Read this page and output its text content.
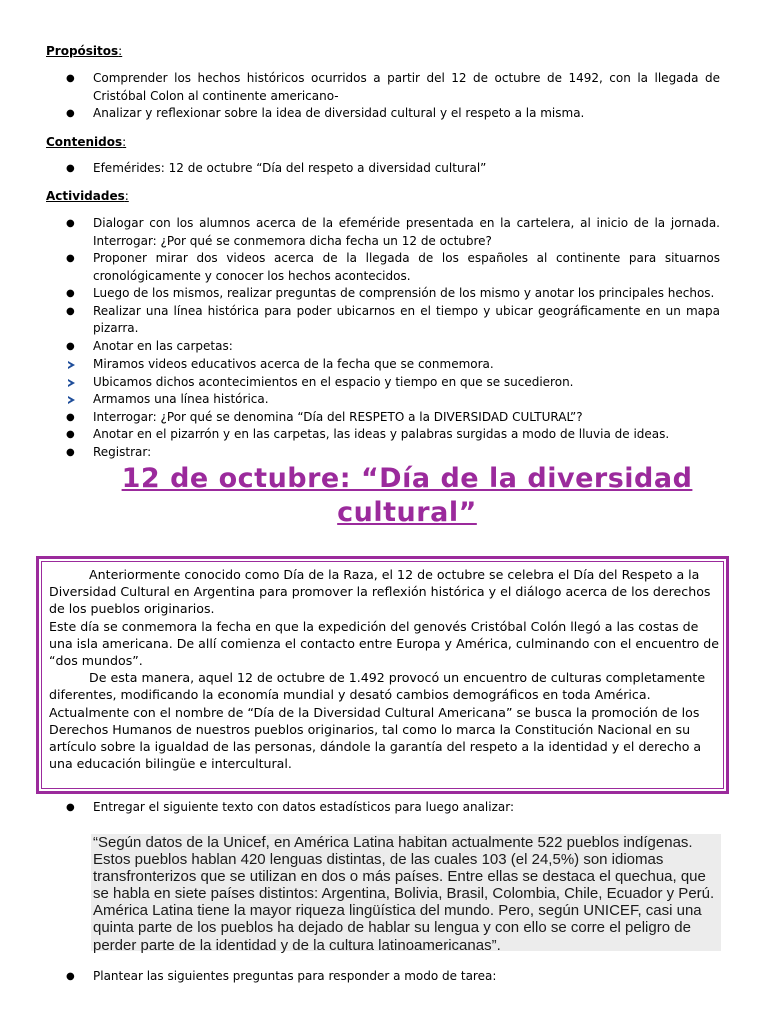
Propósitos:
● Comprender los hechos históricos ocurridos a partir del 12 de octubre de 1492, con la llegada de Cristóbal Colon al continente americano-
● Analizar y reflexionar sobre la idea de diversidad cultural y el respeto a la misma.
Contenidos:
● Efemérides: 12 de octubre “Día del respeto a diversidad cultural”
Actividades:
● Dialogar con los alumnos acerca de la efeméride presentada en la cartelera, al inicio de la jornada. Interrogar: ¿Por qué se conmemora dicha fecha un 12 de octubre?
● Proponer mirar dos videos acerca de la llegada de los españoles al continente para situarnos cronológicamente y conocer los hechos acontecidos.
● Luego de los mismos, realizar preguntas de comprensión de los mismo y anotar los principales hechos.
● Realizar una línea histórica para poder ubicarnos en el tiempo y ubicar geográficamente en un mapa pizarra.
● Anotar en las carpetas:
Miramos videos educativos acerca de la fecha que se conmemora.
Ubicamos dichos acontecimientos en el espacio y tiempo en que se sucedieron.
Armamos una línea histórica.
● Interrogar: ¿Por qué se denomina “Día del RESPETO a la DIVERSIDAD CULTURAL”?
● Anotar en el pizarrón y en las carpetas, las ideas y palabras surgidas a modo de lluvia de ideas.
● Registrar:
12 de octubre: “Día de la diversidad cultural”

Anteriormente conocido como Día de la Raza, el 12 de octubre se celebra el Día del Respeto a la Diversidad Cultural en Argentina para promover la reflexión histórica y el diálogo acerca de los derechos de los pueblos originarios.

Este día se conmemora la fecha en que la expedición del genovés Cristóbal Colón llegó a las costas de una isla americana. De allí comienza el contacto entre Europa y América, culminando con el encuentro de “dos mundos”.

De esta manera, aquel 12 de octubre de 1.492 provocó un encuentro de culturas completamente diferentes, modificando la economía mundial y desató cambios demográficos en toda América.

Actualmente con el nombre de “Día de la Diversidad Cultural Americana” se busca la promoción de los Derechos Humanos de nuestros pueblos originarios, tal como lo marca la Constitución Nacional en su artículo sobre la igualdad de las personas, dándole la garantía del respeto a la identidad y el derecho a una educación bilingüe e intercultural.

● Entregar el siguiente texto con datos estadísticos para luego analizar:
“Según datos de la Unicef, en América Latina habitan actualmente 522 pueblos indígenas. Estos pueblos hablan 420 lenguas distintas, de las cuales 103 (el 24,5%) son idiomas transfronterizos que se utilizan en dos o más países. Entre ellas se destaca el quechua, que se habla en siete países distintos: Argentina, Bolivia, Brasil, Colombia, Chile, Ecuador y Perú. América Latina tiene la mayor riqueza lingüística del mundo. Pero, según UNICEF, casi una quinta parte de los pueblos ha dejado de hablar su lengua y con ello se corre el peligro de perder parte de la identidad y de la cultura latinoamericanas”.
● Plantear las siguientes preguntas para responder a modo de tarea:
